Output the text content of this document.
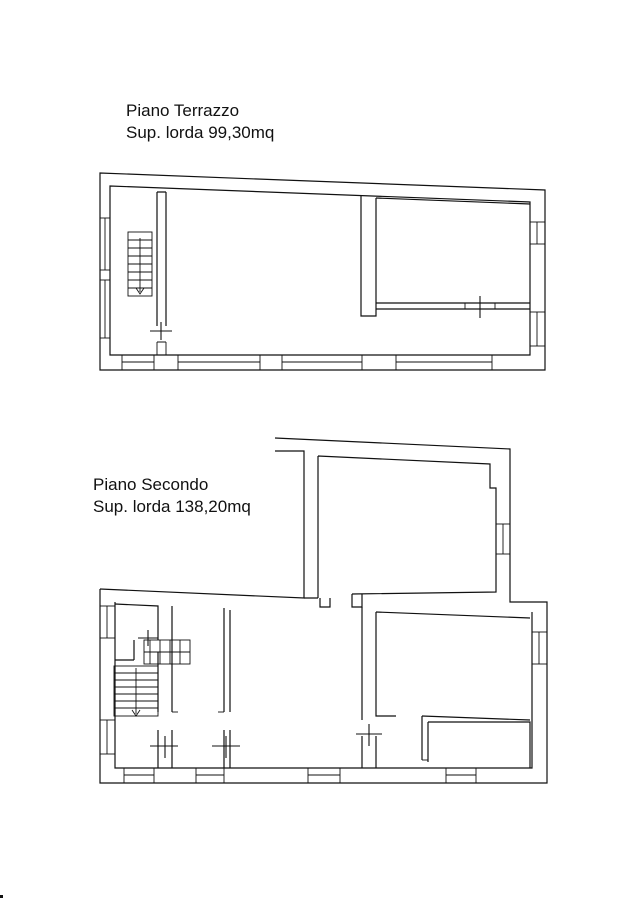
Piano Terrazzo
Sup. lorda 99,30mq
Piano Secondo
Sup. lorda 138,20mq
